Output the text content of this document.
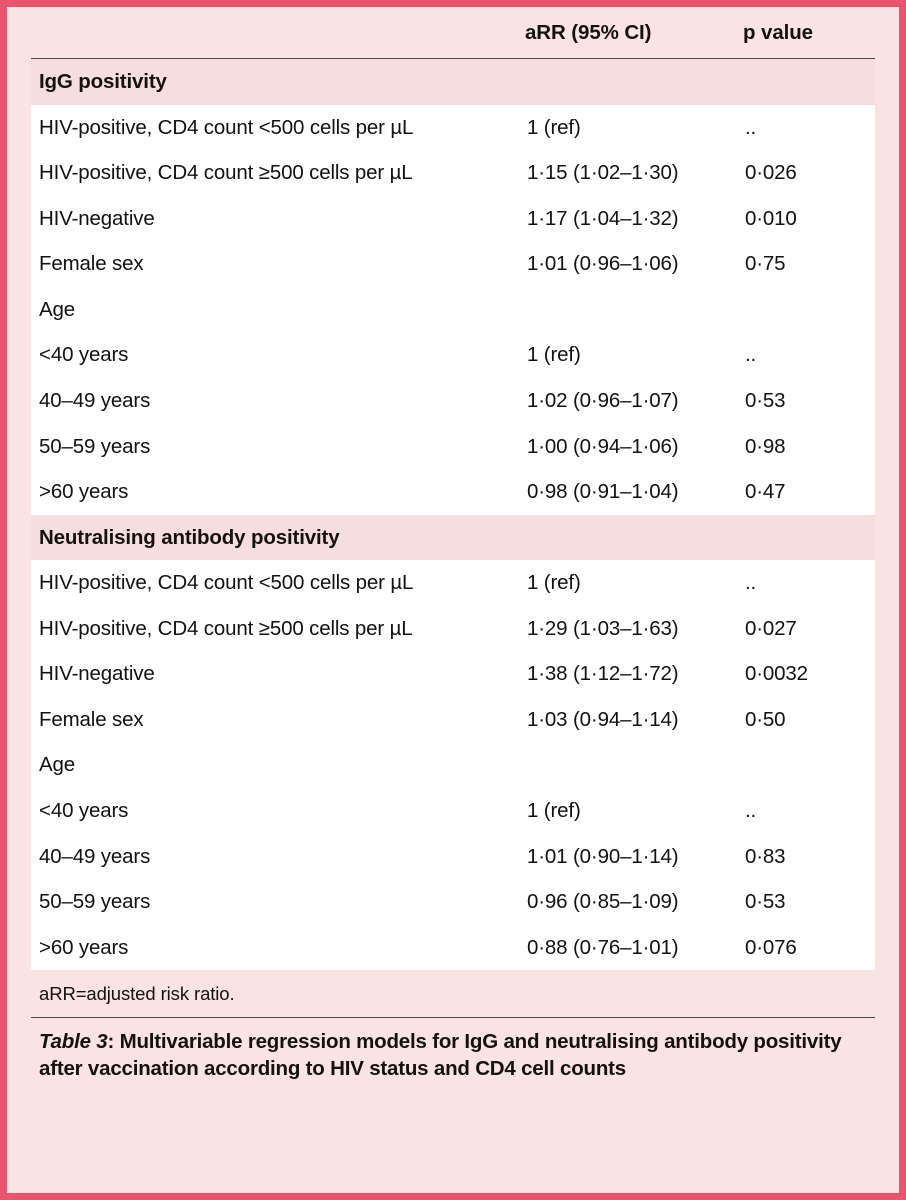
	aRR (95% CI)	p value
IgG positivity		
HIV-positive, CD4 count <500 cells per µL	1 (ref)	..
HIV-positive, CD4 count ≥500 cells per µL	1·15 (1·02–1·30)	0·026
HIV-negative	1·17 (1·04–1·32)	0·010
Female sex	1·01 (0·96–1·06)	0·75
Age		
<40 years	1 (ref)	..
40–49 years	1·02 (0·96–1·07)	0·53
50–59 years	1·00 (0·94–1·06)	0·98
>60 years	0·98 (0·91–1·04)	0·47
Neutralising antibody positivity		
HIV-positive, CD4 count <500 cells per µL	1 (ref)	..
HIV-positive, CD4 count ≥500 cells per µL	1·29 (1·03–1·63)	0·027
HIV-negative	1·38 (1·12–1·72)	0·0032
Female sex	1·03 (0·94–1·14)	0·50
Age		
<40 years	1 (ref)	..
40–49 years	1·01 (0·90–1·14)	0·83
50–59 years	0·96 (0·85–1·09)	0·53
>60 years	0·88 (0·76–1·01)	0·076
aRR=adjusted risk ratio.
Table 3: Multivariable regression models for IgG and neutralising antibody positivity after vaccination according to HIV status and CD4 cell counts
